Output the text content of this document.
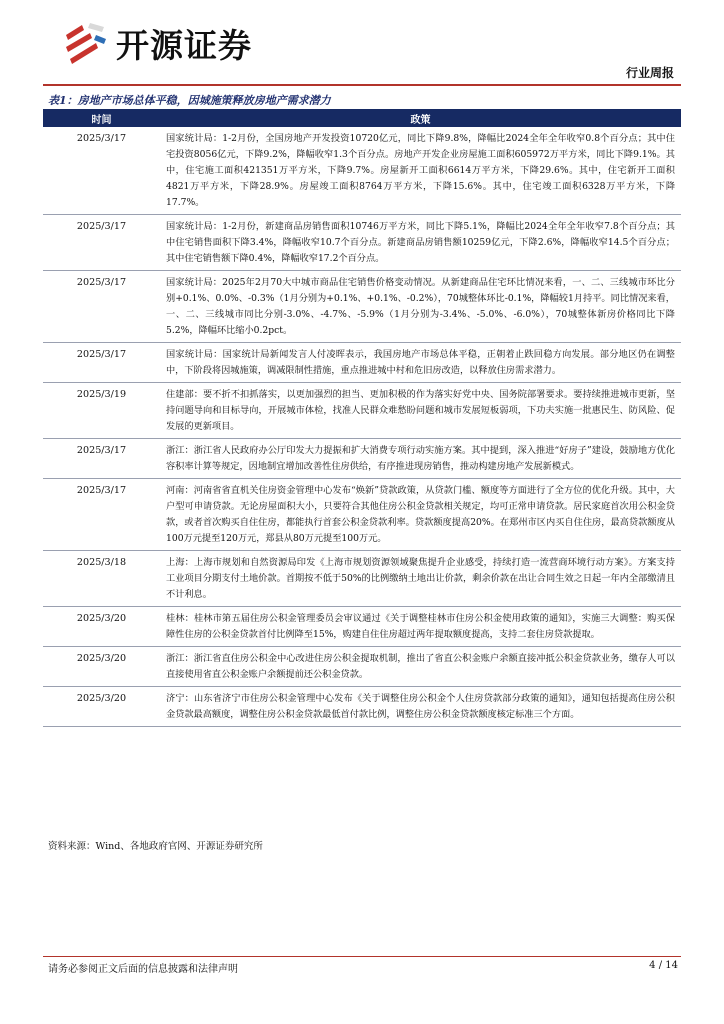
开源证券
行业周报
表1：房地产市场总体平稳，因城施策释放房地产需求潜力
时间	政策
2025/3/17	国家统计局：1-2月份，全国房地产开发投资10720亿元，同比下降9.8%，降幅比2024全年全年收窄0.8个百分点；其中住宅投资8056亿元，下降9.2%，降幅收窄1.3个百分点。房地产开发企业房屋施工面积605972万平方米，同比下降9.1%。其中，住宅施工面积421351万平方米，下降9.7%。房屋新开工面积6614万平方米，下降29.6%。其中，住宅新开工面积4821万平方米，下降28.9%。房屋竣工面积8764万平方米，下降15.6%。其中，住宅竣工面积6328万平方米，下降17.7%。
2025/3/17	国家统计局：1-2月份，新建商品房销售面积10746万平方米，同比下降5.1%，降幅比2024全年全年收窄7.8个百分点；其中住宅销售面积下降3.4%，降幅收窄10.7个百分点。新建商品房销售额10259亿元，下降2.6%，降幅收窄14.5个百分点；其中住宅销售额下降0.4%，降幅收窄17.2个百分点。
2025/3/17	国家统计局：2025年2月70大中城市商品住宅销售价格变动情况。从新建商品住宅环比情况来看，一、二、三线城市环比分别+0.1%、0.0%、-0.3%（1月分别为+0.1%、+0.1%、-0.2%），70城整体环比-0.1%，降幅较1月持平。同比情况来看，一、二、三线城市同比分别-3.0%、-4.7%、-5.9%（1月分别为-3.4%、-5.0%、-6.0%），70城整体新房价格同比下降5.2%，降幅环比缩小0.2pct。
2025/3/17	国家统计局：国家统计局新闻发言人付凌晖表示，我国房地产市场总体平稳，正朝着止跌回稳方向发展。部分地区仍在调整中，下阶段将因城施策，调减限制性措施，重点推进城中村和危旧房改造，以释放住房需求潜力。
2025/3/19	住建部：要不折不扣抓落实，以更加强烈的担当、更加积极的作为落实好党中央、国务院部署要求。要持续推进城市更新，坚持问题导向和目标导向，开展城市体检，找准人民群众难愁盼问题和城市发展短板弱项，下功夫实施一批惠民生、防风险、促发展的更新项目。
2025/3/17	浙江：浙江省人民政府办公厅印发大力提振和扩大消费专项行动实施方案。其中提到，深入推进“好房子”建设，鼓励地方优化容积率计算等规定，因地制宜增加改善性住房供给，有序推进现房销售，推动构建房地产发展新模式。
2025/3/17	河南：河南省省直机关住房资金管理中心发布“焕新”贷款政策，从贷款门槛、额度等方面进行了全方位的优化升级。其中，大户型可申请贷款。无论房屋面积大小，只要符合其他住房公积金贷款相关规定，均可正常申请贷款。居民家庭首次用公积金贷款，或者首次购买自住住房，都能执行首套公积金贷款利率。贷款额度提高20%。在郑州市区内买自住住房，最高贷款额度从100万元提至120万元，郑县从80万元提至100万元。
2025/3/18	上海：上海市规划和自然资源局印发《上海市规划资源领域聚焦提升企业感受，持续打造一流营商环境行动方案》。方案支持工业项目分期支付土地价款。首期按不低于50%的比例缴纳土地出让价款，剩余价款在出让合同生效之日起一年内全部缴清且不计利息。
2025/3/20	桂林：桂林市第五届住房公积金管理委员会审议通过《关于调整桂林市住房公积金使用政策的通知》，实施三大调整：购买保障性住房的公积金贷款首付比例降至15%，购建自住住房超过两年提取额度提高，支持二套住房贷款提取。
2025/3/20	浙江：浙江省直住房公积金中心改进住房公积金提取机制，推出了省直公积金账户余额直接冲抵公积金贷款业务，缴存人可以直接使用省直公积金账户余额提前还公积金贷款。
2025/3/20	济宁：山东省济宁市住房公积金管理中心发布《关于调整住房公积金个人住房贷款部分政策的通知》，通知包括提高住房公积金贷款最高额度，调整住房公积金贷款最低首付款比例，调整住房公积金贷款额度核定标准三个方面。
资料来源：Wind、各地政府官网、开源证券研究所
请务必参阅正文后面的信息披露和法律声明	4 / 14
